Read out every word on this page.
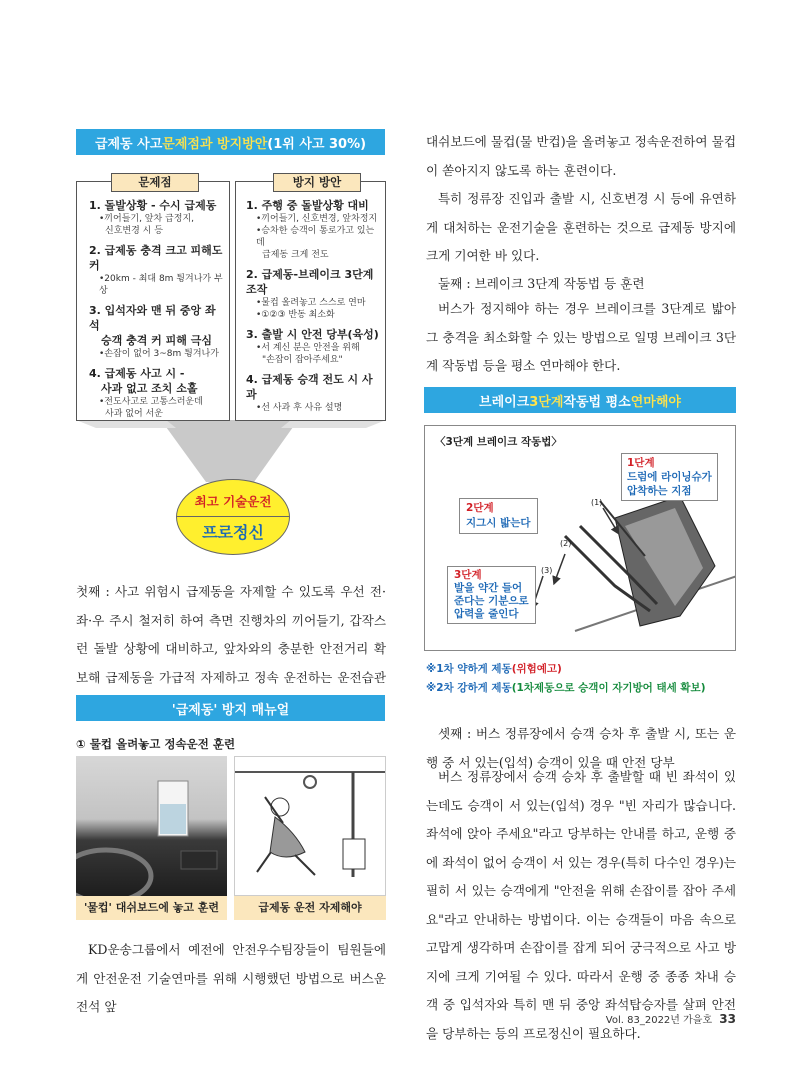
급제동 사고 문제점과 방지방안 (1위 사고 30%)
문제점
1. 돌발상황 - 수시 급제동
•끼어들기, 앞차 급정지,
신호변경 시 등
2. 급제동 충격 크고 피해도 커
•20km - 최대 8m 튕겨나가 부상
3. 입석자와 맨 뒤 중앙 좌석
승객 충격 커 피해 극심
•손잡이 없어 3~8m 튕겨나가
4. 급제동 사고 시 -
사과 없고 조치 소홀
•전도사고로 고통스러운데
사과 없어 서운
방지 방안
1. 주행 중 돌발상황 대비
•끼어들기, 신호변경, 앞차정지
•승차한 승객이 통로가고 있는데
급제동 크게 전도
2. 급제동-브레이크 3단계 조작
•물컵 올려놓고 스스로 연마
•①②③ 반동 최소화
3. 출발 시 안전 당부(육성)
•서 계신 분은 안전을 위해
"손잡이 잡아주세요"
4. 급제동 승객 전도 시 사과
•선 사과 후 사유 설명
최고 기술운전
프로정신
첫째 : 사고 위험시 급제동을 자제할 수 있도록 우선 전·좌·우 주시 철저히 하여 측면 진행차의 끼어들기, 갑작스런 돌발 상황에 대비하고, 앞차와의 충분한 안전거리 확보해 급제동을 가급적 자제하고 정속 운전하는 운전습관
'급제동' 방지 매뉴얼
① 물컵 올려놓고 정속운전 훈련
'물컵' 대쉬보드에 놓고 훈련	급제동 운전 자제해야
KD운송그룹에서 예전에 안전우수팀장들이 팀원들에게 안전운전 기술연마를 위해 시행했던 방법으로 버스운전석 앞
대쉬보드에 물컵(물 반컵)을 올려놓고 정속운전하여 물컵이 쏟아지지 않도록 하는 훈련이다.
특히 정류장 진입과 출발 시, 신호변경 시 등에 유연하게 대처하는 운전기술을 훈련하는 것으로 급제동 방지에 크게 기여한 바 있다.
둘째 : 브레이크 3단계 작동법 등 훈련
버스가 정지해야 하는 경우 브레이크를 3단계로 밟아 그 충격을 최소화할 수 있는 방법으로 일명 브레이크 3단계 작동법 등을 평소 연마해야 한다.
브레이크 3단계 작동법 평소 연마해야
〈3단계 브레이크 작동법〉
(1)
(2)
(3)
1단계
드럼에 라이닝슈가
압착하는 지점
2단계
지그시 밟는다
3단계
발을 약간 들어
준다는 기분으로
압력을 줄인다
※1차 약하게 제동(위험예고)
※2차 강하게 제동(1차제동으로 승객이 자기방어 태세 확보)
셋째 : 버스 정류장에서 승객 승차 후 출발 시, 또는 운행 중 서 있는(입석) 승객이 있을 때 안전 당부
버스 정류장에서 승객 승차 후 출발할 때 빈 좌석이 있는데도 승객이 서 있는(입석) 경우 "빈 자리가 많습니다. 좌석에 앉아 주세요"라고 당부하는 안내를 하고, 운행 중에 좌석이 없어 승객이 서 있는 경우(특히 다수인 경우)는 필히 서 있는 승객에게 "안전을 위해 손잡이를 잡아 주세요"라고 안내하는 방법이다. 이는 승객들이 마음 속으로 고맙게 생각하며 손잡이를 잡게 되어 궁극적으로 사고 방지에 크게 기여될 수 있다. 따라서 운행 중 종종 차내 승객 중 입석자와 특히 맨 뒤 중앙 좌석탑승자를 살펴 안전을 당부하는 등의 프로정신이 필요하다.
Vol. 83_2022년 가을호 33
